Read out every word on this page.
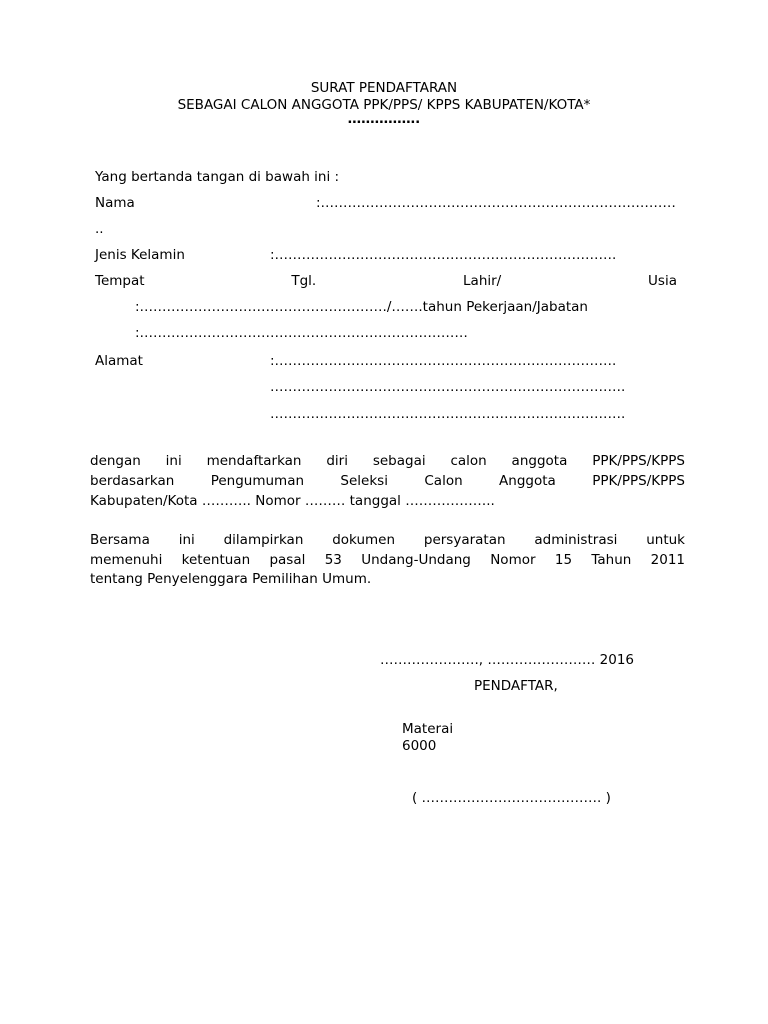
SURAT PENDAFTARAN
SEBAGAI CALON ANGGOTA PPK/PPS/ KPPS KABUPATEN/KOTA*
…………….
Yang bertanda tangan di bawah ini :
Nama	:…………………………………………………….………………
..
Jenis Kelamin	:………………………………………………………………….
Tempat	Tgl.	Lahir/	Usia
:………………………………………………./…….tahun Pekerjaan/Jabatan
:……………………………………………………….………
Alamat	:………………………………………………………………….
…………………………………………………………………….
…………………………………………………………………….
dengan ini mendaftarkan diri sebagai calon anggota PPK/PPS/KPPS
berdasarkan Pengumuman Seleksi Calon Anggota PPK/PPS/KPPS
Kabupaten/Kota ……….. Nomor ……… tanggal ………………..
Bersama ini dilampirkan dokumen persyaratan administrasi untuk
memenuhi ketentuan pasal 53 Undang-Undang Nomor 15 Tahun 2011
tentang Penyelenggara Pemilihan Umum.
…………………., …………………… 2016
PENDAFTAR,
Materai
6000
( …………………………………. )
